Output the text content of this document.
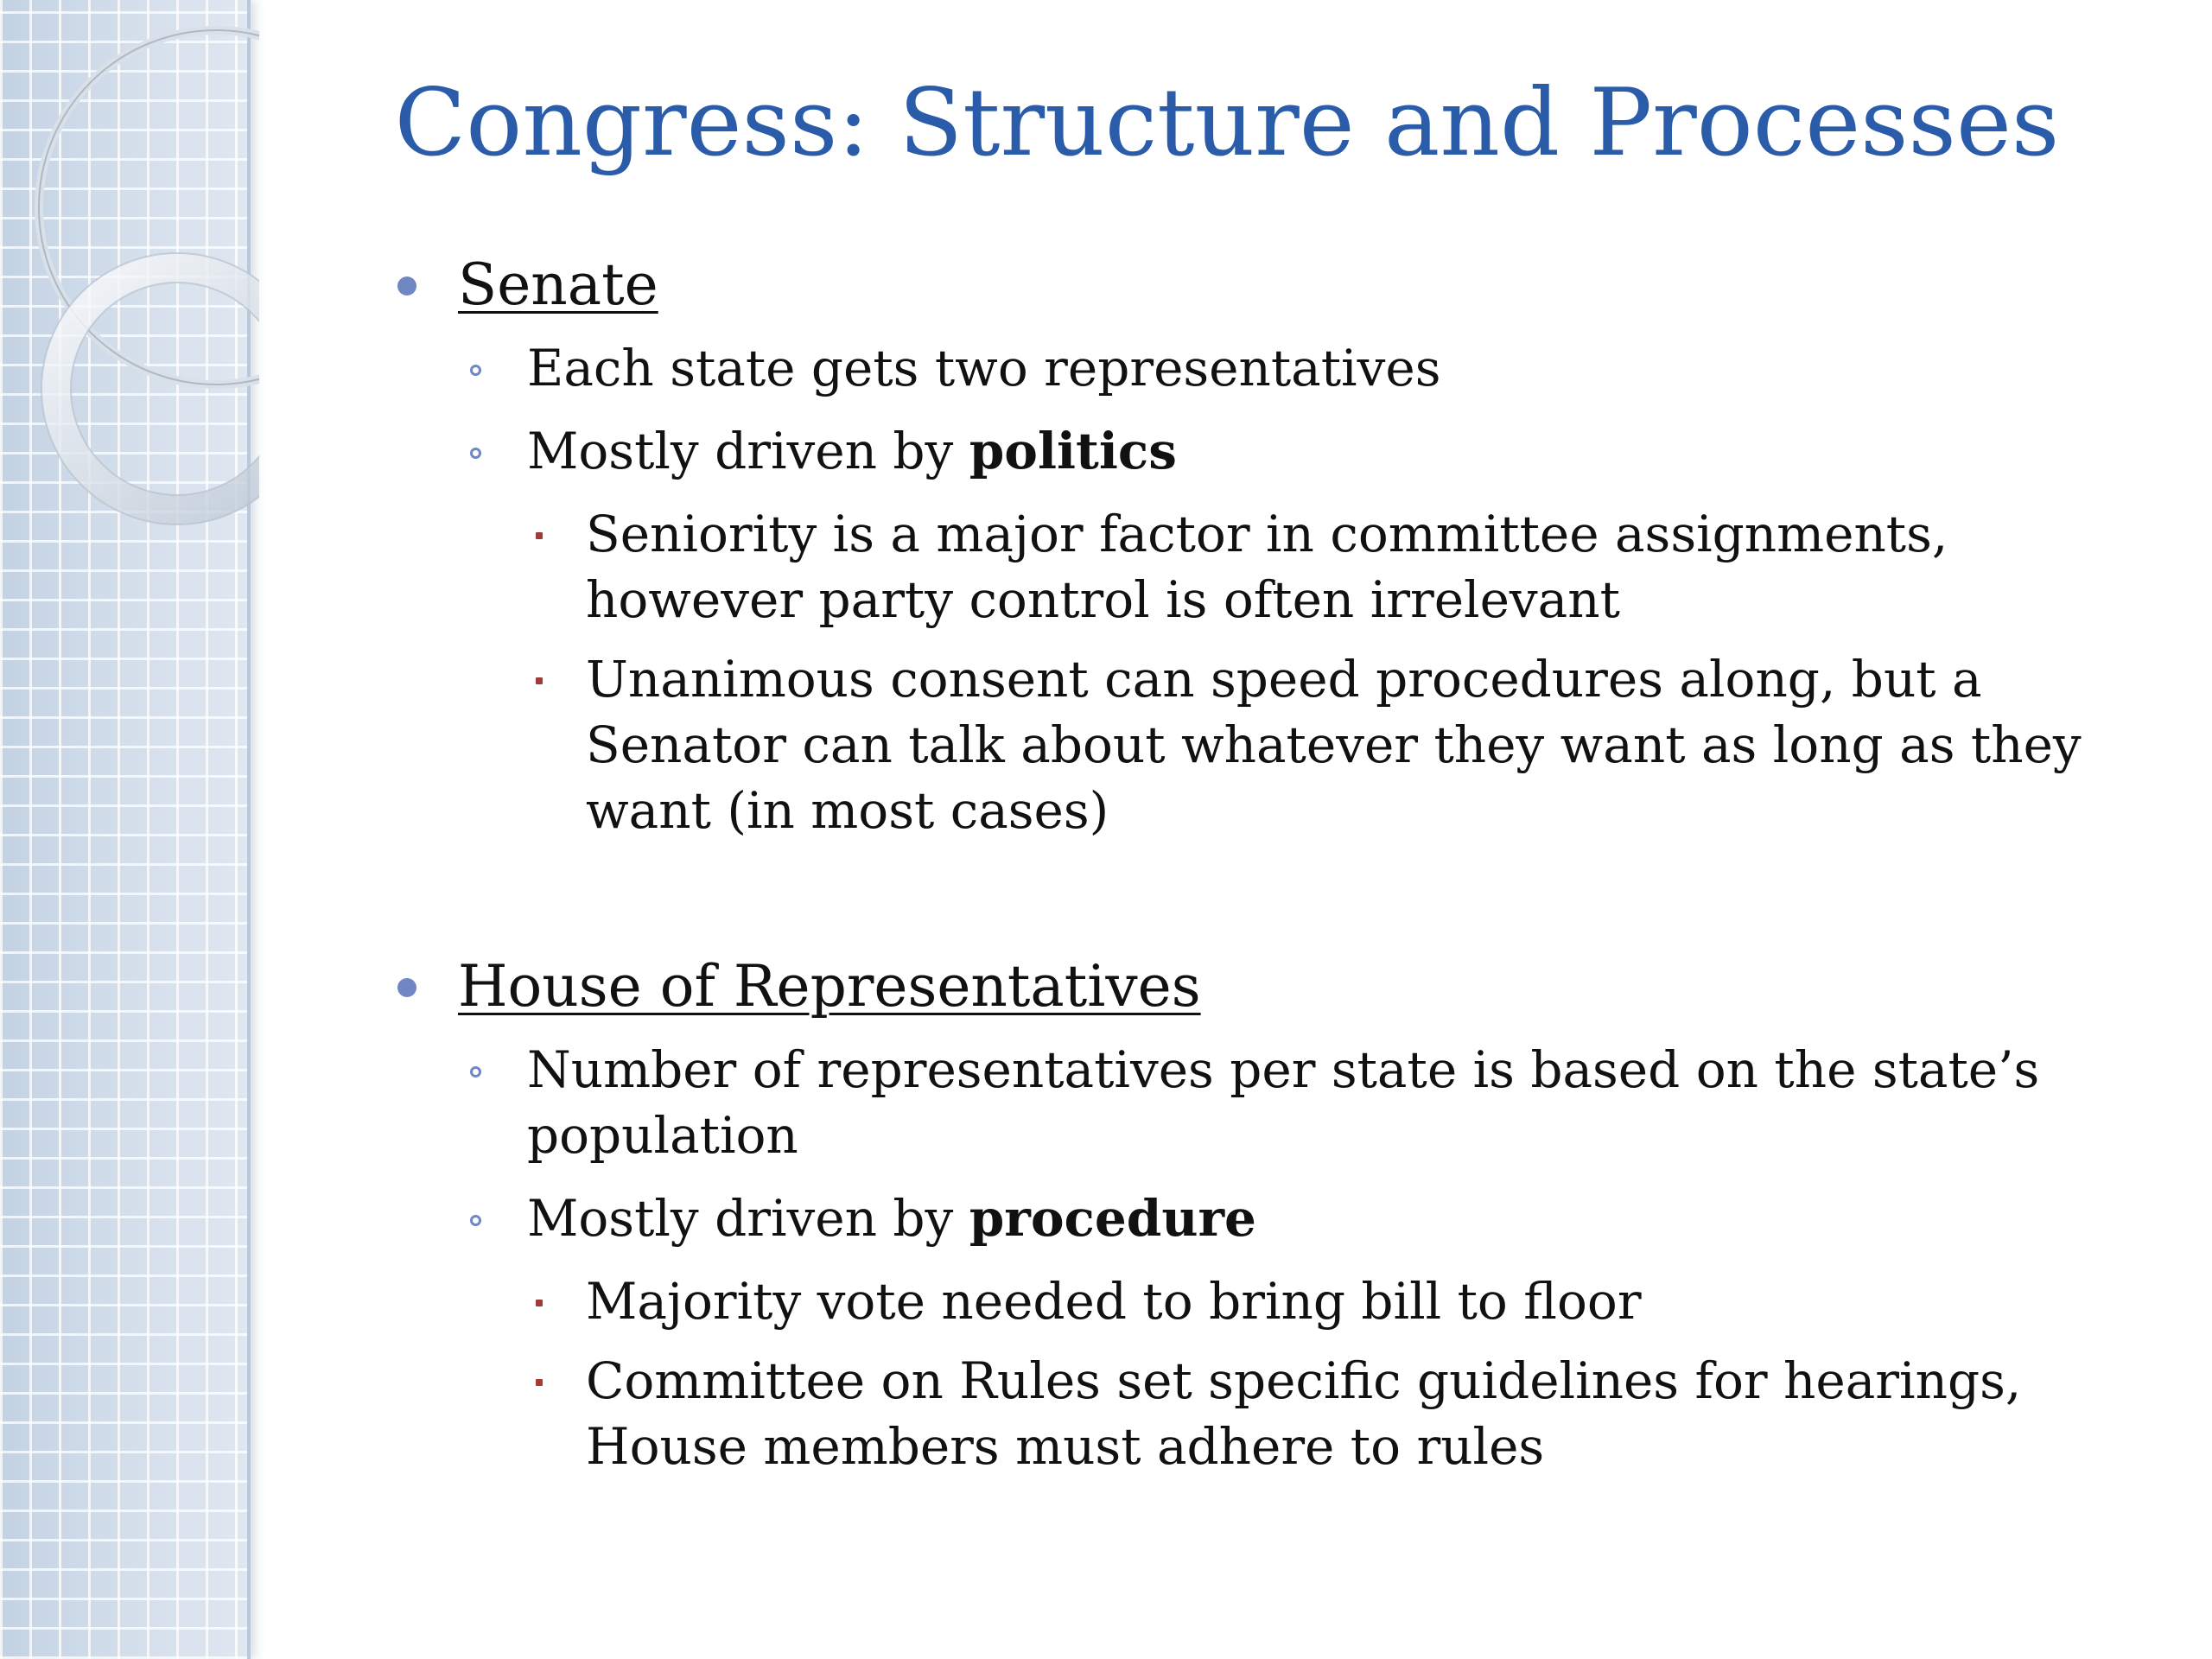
Congress: Structure and Processes
Senate
Each state gets two representatives
Mostly driven by politics
Seniority is a major factor in committee assignments, however party control is often irrelevant
Unanimous consent can speed procedures along, but a Senator can talk about whatever they want as long as they want (in most cases)
House of Representatives
Number of representatives per state is based on the state’s population
Mostly driven by procedure
Majority vote needed to bring bill to floor
Committee on Rules set specific guidelines for hearings, House members must adhere to rules
